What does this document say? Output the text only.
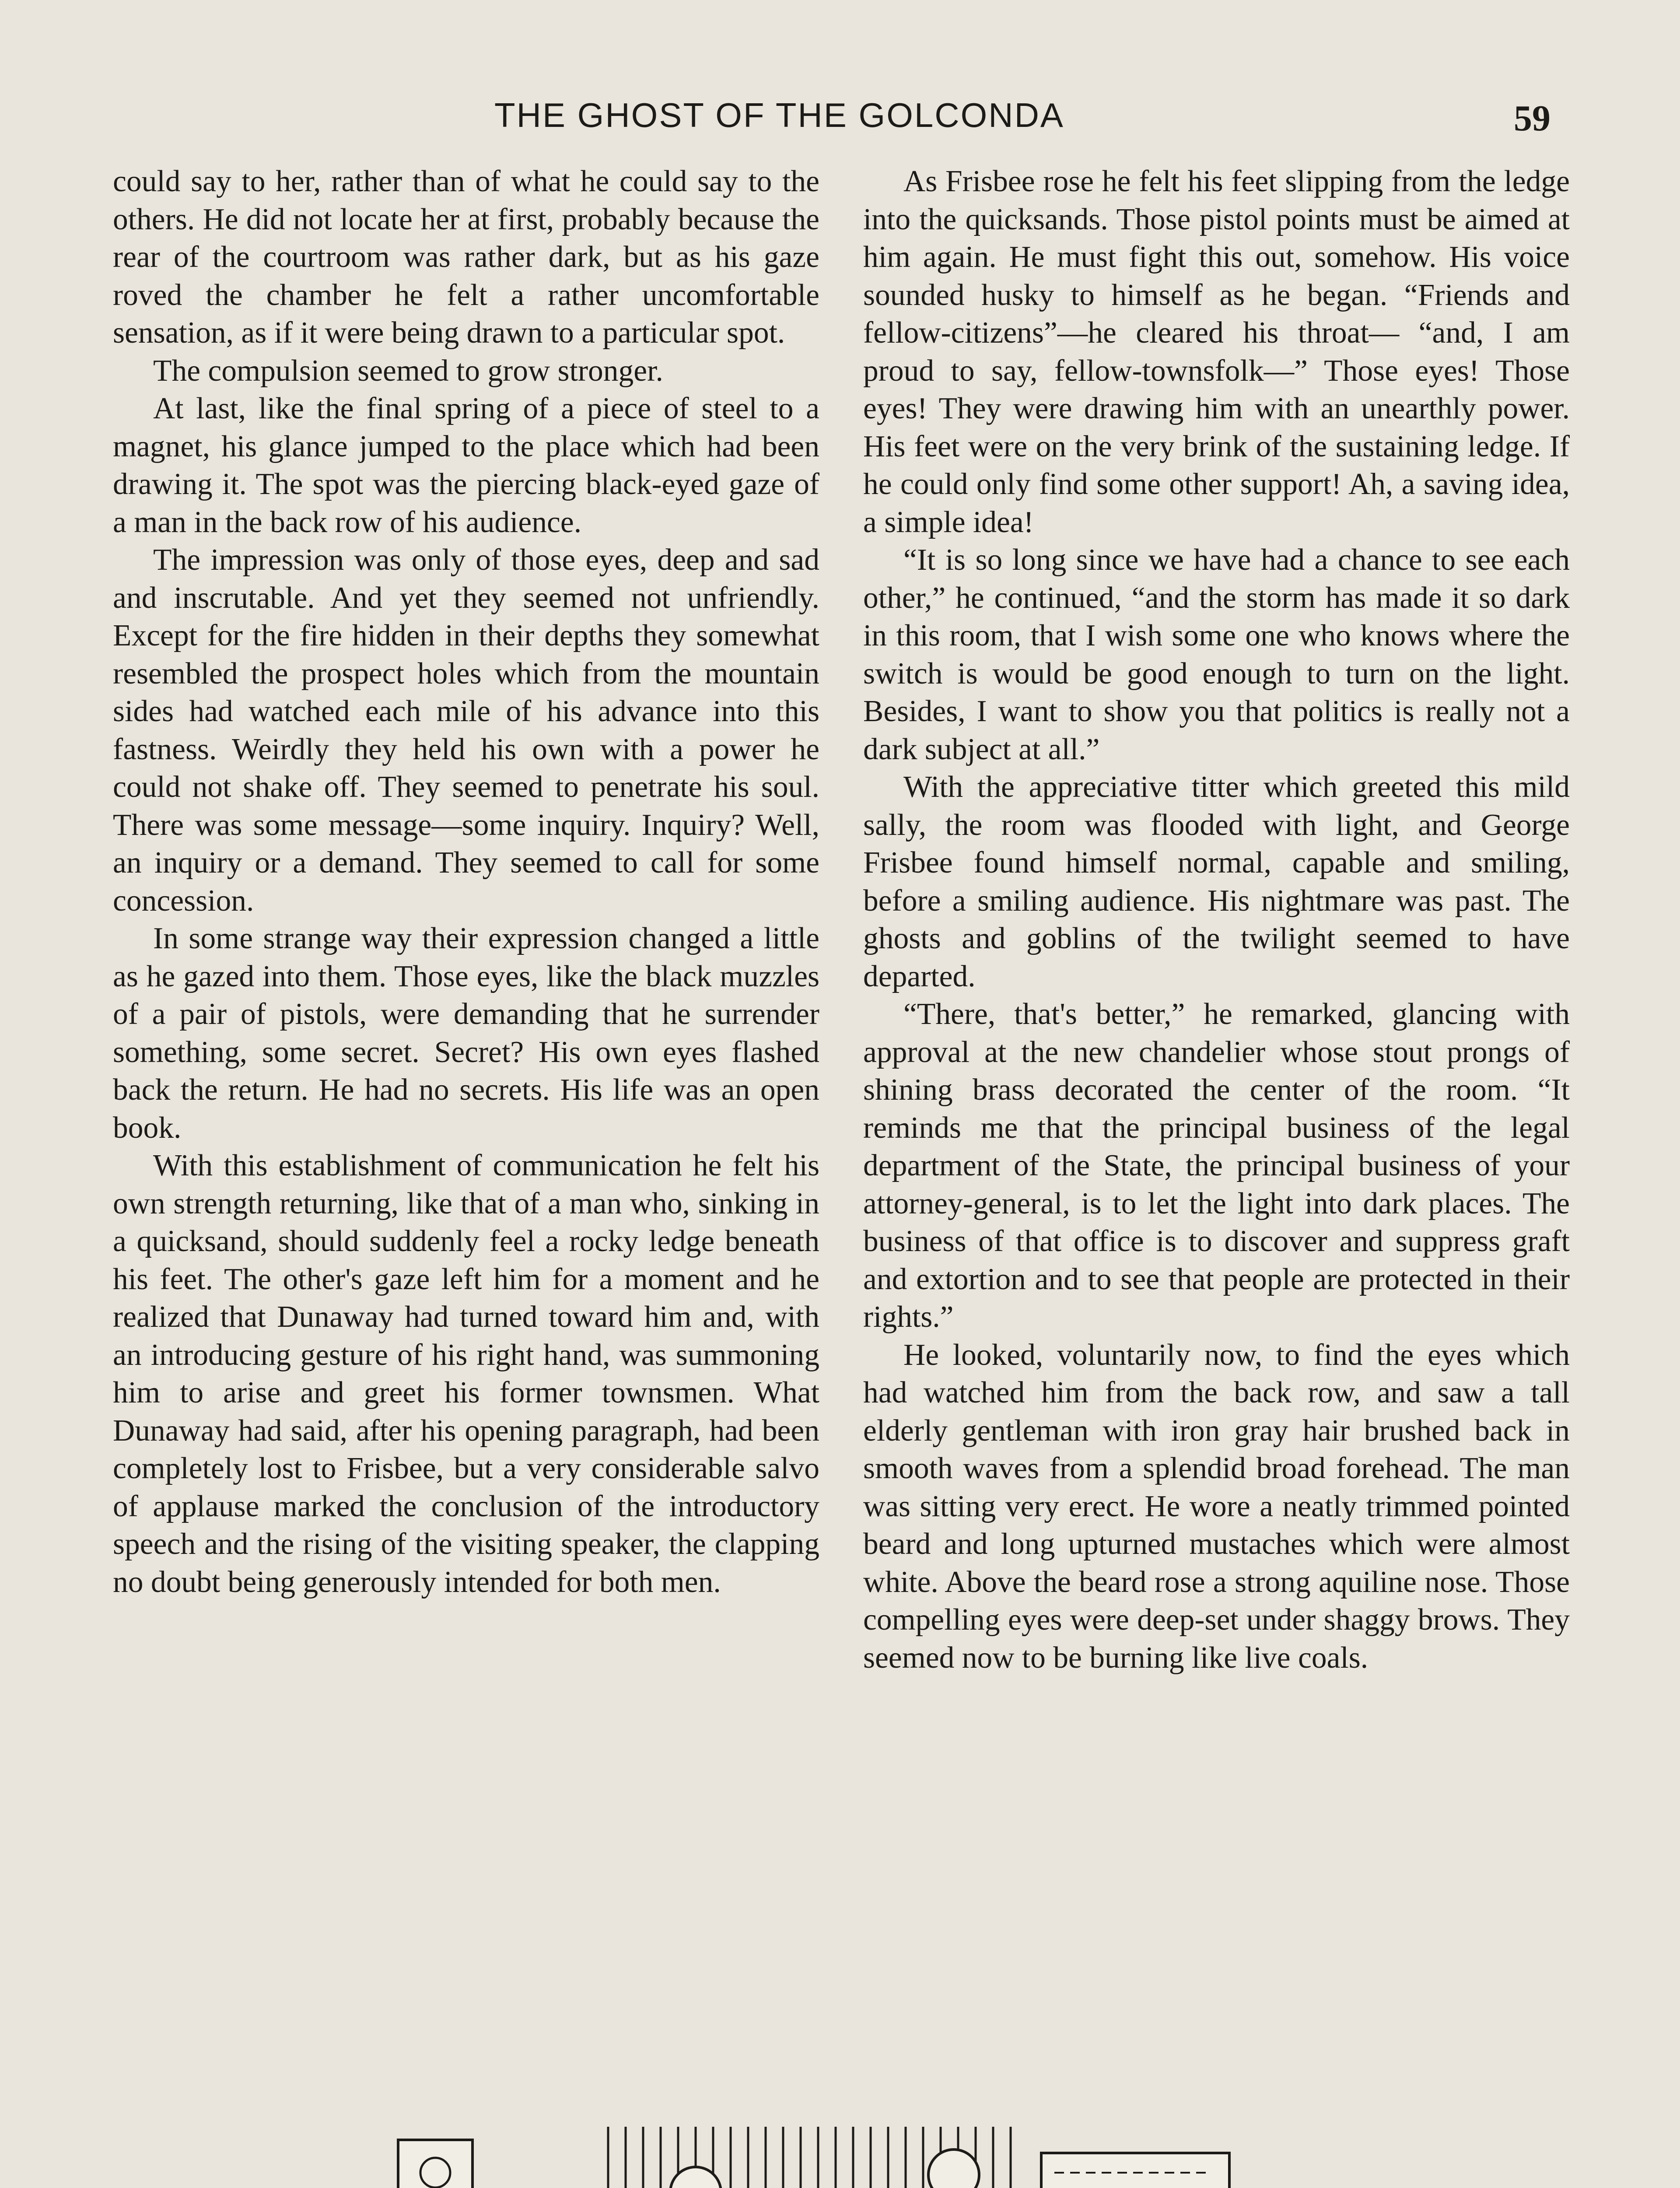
THE GHOST OF THE GOLCONDA	59

could say to her, rather than of what he could say to the others. He did not locate her at first, probably because the rear of the courtroom was rather dark, but as his gaze roved the chamber he felt a rather uncomfortable sensation, as if it were being drawn to a particular spot.

The compulsion seemed to grow stronger.

At last, like the final spring of a piece of steel to a magnet, his glance jumped to the place which had been drawing it. The spot was the piercing black-eyed gaze of a man in the back row of his audience.

The impression was only of those eyes, deep and sad and inscrutable. And yet they seemed not unfriendly. Except for the fire hidden in their depths they somewhat resembled the prospect holes which from the mountain sides had watched each mile of his advance into this fastness. Weirdly they held his own with a power he could not shake off. They seemed to penetrate his soul. There was some message—some inquiry. Inquiry? Well, an inquiry or a demand. They seemed to call for some concession.

In some strange way their expression changed a little as he gazed into them. Those eyes, like the black muzzles of a pair of pistols, were demanding that he surrender something, some secret. Secret? His own eyes flashed back the return. He had no secrets. His life was an open book.

With this establishment of communication he felt his own strength returning, like that of a man who, sinking in a quicksand, should suddenly feel a rocky ledge beneath his feet. The other's gaze left him for a moment and he realized that Dunaway had turned toward him and, with an introducing gesture of his right hand, was summoning him to arise and greet his former townsmen. What Dunaway had said, after his opening paragraph, had been completely lost to Frisbee, but a very considerable salvo of applause marked the conclusion of the introductory speech and the rising of the visiting speaker, the clapping no doubt being generously intended for both men.

As Frisbee rose he felt his feet slipping from the ledge into the quicksands. Those pistol points must be aimed at him again. He must fight this out, somehow. His voice sounded husky to himself as he began. “Friends and fellow-citizens”—he cleared his throat— “and, I am proud to say, fellow-townsfolk—” Those eyes! Those eyes! They were drawing him with an unearthly power. His feet were on the very brink of the sustaining ledge. If he could only find some other support! Ah, a saving idea, a simple idea!

“It is so long since we have had a chance to see each other,” he continued, “and the storm has made it so dark in this room, that I wish some one who knows where the switch is would be good enough to turn on the light. Besides, I want to show you that politics is really not a dark subject at all.”

With the appreciative titter which greeted this mild sally, the room was flooded with light, and George Frisbee found himself normal, capable and smiling, before a smiling audience. His nightmare was past. The ghosts and goblins of the twilight seemed to have departed.

“There, that's better,” he remarked, glancing with approval at the new chandelier whose stout prongs of shining brass decorated the center of the room. “It reminds me that the principal business of the legal department of the State, the principal business of your attorney-general, is to let the light into dark places. The business of that office is to discover and suppress graft and extortion and to see that people are protected in their rights.”

He looked, voluntarily now, to find the eyes which had watched him from the back row, and saw a tall elderly gentleman with iron gray hair brushed back in smooth waves from a splendid broad forehead. The man was sitting very erect. He wore a neatly trimmed pointed beard and long upturned mustaches which were almost white. Above the beard rose a strong aquiline nose. Those compelling eyes were deep-set under shaggy brows. They seemed now to be burning like live coals.
